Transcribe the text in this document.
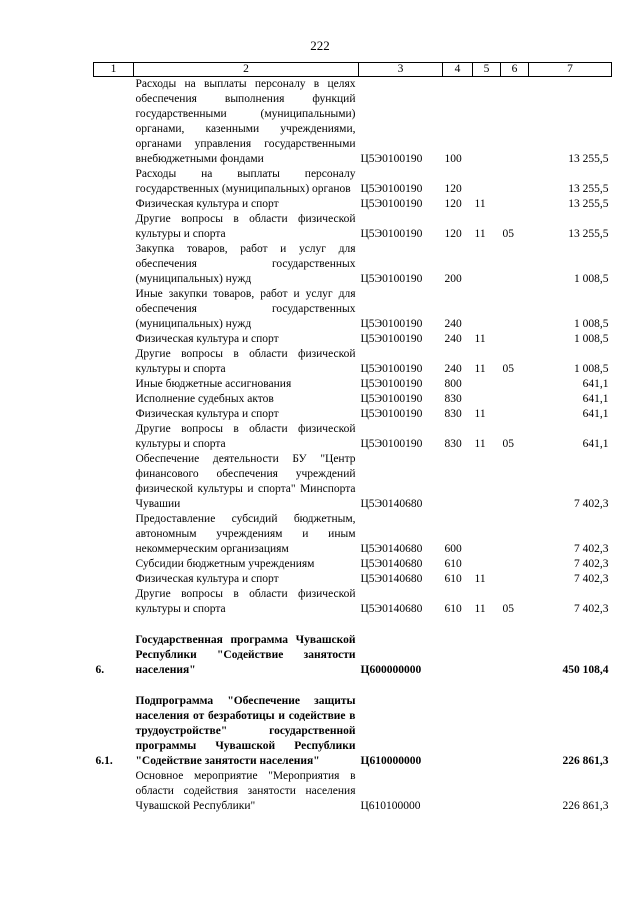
222
1	2	3	4	5	6	7
	Расходы на выплаты персоналу в целях обеспечения выполнения функций государственными (муниципальными) органами, казенными учреждениями, органами управления государственными внебюджетными фондами	Ц5Э0100190	100			13 255,5
	Расходы на выплаты персоналу государственных (муниципальных) органов	Ц5Э0100190	120			13 255,5
	Физическая культура и спорт	Ц5Э0100190	120	11		13 255,5
	Другие вопросы в области физической культуры и спорта	Ц5Э0100190	120	11	05	13 255,5
	Закупка товаров, работ и услуг для обеспечения государственных (муниципальных) нужд	Ц5Э0100190	200			1 008,5
	Иные закупки товаров, работ и услуг для обеспечения государственных (муниципальных) нужд	Ц5Э0100190	240			1 008,5
	Физическая культура и спорт	Ц5Э0100190	240	11		1 008,5
	Другие вопросы в области физической культуры и спорта	Ц5Э0100190	240	11	05	1 008,5
	Иные бюджетные ассигнования	Ц5Э0100190	800			641,1
	Исполнение судебных актов	Ц5Э0100190	830			641,1
	Физическая культура и спорт	Ц5Э0100190	830	11		641,1
	Другие вопросы в области физической культуры и спорта	Ц5Э0100190	830	11	05	641,1
	Обеспечение деятельности БУ "Центр финансового обеспечения учреждений физической культуры и спорта" Минспорта Чувашии	Ц5Э0140680				7 402,3
	Предоставление субсидий бюджетным, автономным учреждениям и иным некоммерческим организациям	Ц5Э0140680	600			7 402,3
	Субсидии бюджетным учреждениям	Ц5Э0140680	610			7 402,3
	Физическая культура и спорт	Ц5Э0140680	610	11		7 402,3
	Другие вопросы в области физической культуры и спорта	Ц5Э0140680	610	11	05	7 402,3

6.	Государственная программа Чувашской Республики "Содействие занятости населения"	Ц600000000				450 108,4

6.1.	Подпрограмма "Обеспечение защиты населения от безработицы и содействие в трудоустройстве" государственной программы Чувашской Республики "Содействие занятости населения"	Ц610000000				226 861,3
	Основное мероприятие "Мероприятия в области содействия занятости населения Чувашской Республики"	Ц610100000				226 861,3
